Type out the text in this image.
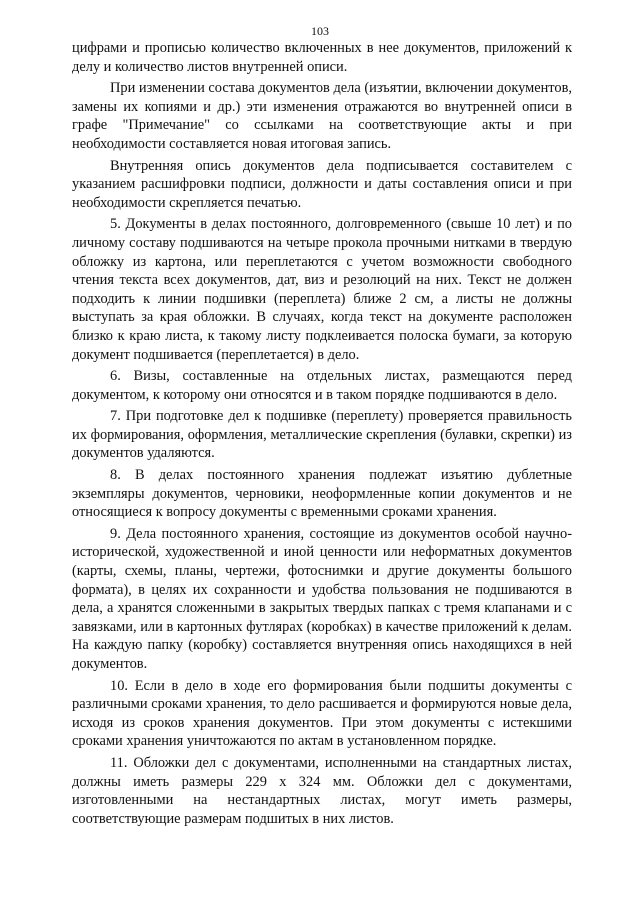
103

цифрами и прописью количество включенных в нее документов, приложений к делу и количество листов внутренней описи.

При изменении состава документов дела (изъятии, включении документов, замены их копиями и др.) эти изменения отражаются во внутренней описи в графе "Примечание" со ссылками на соответствующие акты и при необходимости составляется новая итоговая запись.

Внутренняя опись документов дела подписывается составителем с указанием расшифровки подписи, должности и даты составления описи и при необходимости скрепляется печатью.

5. Документы в делах постоянного, долговременного (свыше 10 лет) и по личному составу подшиваются на четыре прокола прочными нитками в твердую обложку из картона, или переплетаются с учетом возможности свободного чтения текста всех документов, дат, виз и резолюций на них. Текст не должен подходить к линии подшивки (переплета) ближе 2 см, а листы не должны выступать за края обложки. В случаях, когда текст на документе расположен близко к краю листа, к такому листу подклеивается полоска бумаги, за которую документ подшивается (переплетается) в дело.

6. Визы, составленные на отдельных листах, размещаются перед документом, к которому они относятся и в таком порядке подшиваются в дело.

7. При подготовке дел к подшивке (переплету) проверяется правильность их формирования, оформления, металлические скрепления (булавки, скрепки) из документов удаляются.

8. В делах постоянного хранения подлежат изъятию дублетные экземпляры документов, черновики, неоформленные копии документов и не относящиеся к вопросу документы с временными сроками хранения.

9. Дела постоянного хранения, состоящие из документов особой научно-исторической, художественной и иной ценности или неформатных документов (карты, схемы, планы, чертежи, фотоснимки и другие документы большого формата), в целях их сохранности и удобства пользования не подшиваются в дела, а хранятся сложенными в закрытых твердых папках с тремя клапанами и с завязками, или в картонных футлярах (коробках) в качестве приложений к делам. На каждую папку (коробку) составляется внутренняя опись находящихся в ней документов.

10. Если в дело в ходе его формирования были подшиты документы с различными сроками хранения, то дело расшивается и формируются новые дела, исходя из сроков хранения документов. При этом документы с истекшими сроками хранения уничтожаются по актам в установленном порядке.

11. Обложки дел с документами, исполненными на стандартных листах, должны иметь размеры 229 x 324 мм. Обложки дел с документами, изготовленными на нестандартных листах, могут иметь размеры, соответствующие размерам подшитых в них листов.
